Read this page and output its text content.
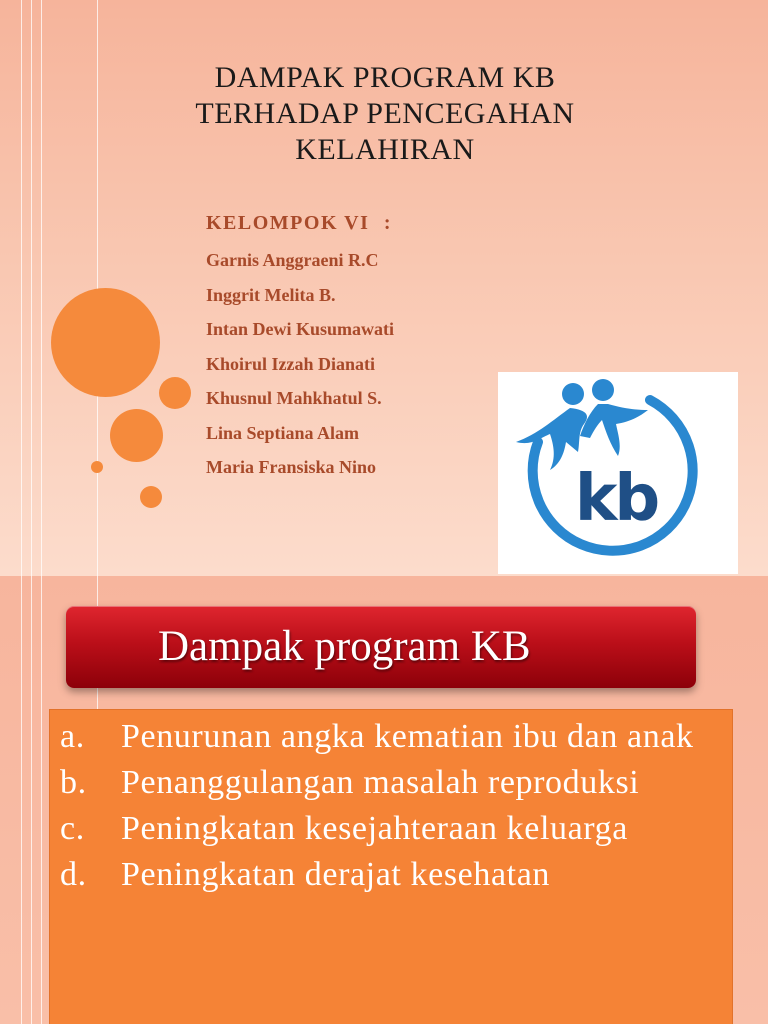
DAMPAK PROGRAM KB
TERHADAP PENCEGAHAN
KELAHIRAN
KELOMPOK VI :
Garnis Anggraeni R.C
Inggrit Melita B.
Intan Dewi Kusumawati
Khoirul Izzah Dianati
Khusnul Mahkhatul S.
Lina Septiana Alam
Maria Fransiska Nino	kb
Dampak program KB
a.	Penurunan angka kematian ibu dan anak
b.	Penanggulangan masalah reproduksi
c.	Peningkatan kesejahteraan keluarga
d.	Peningkatan derajat kesehatan
